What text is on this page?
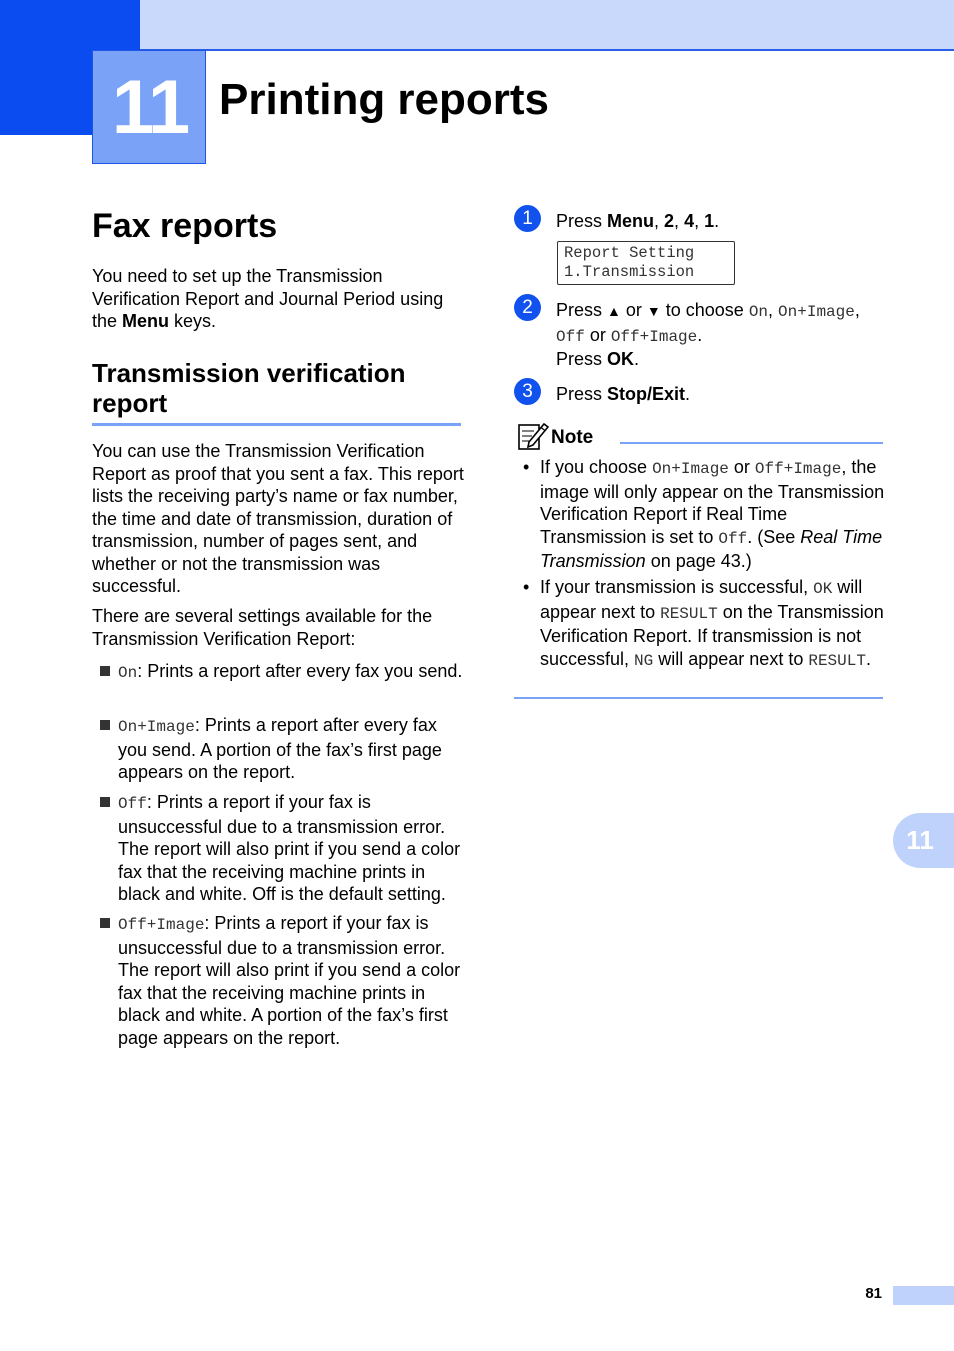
11 Printing reports
11
Fax reports
You need to set up the Transmission Verification Report and Journal Period using the Menu keys.
Transmission verification report
You can use the Transmission Verification Report as proof that you sent a fax. This report lists the receiving party’s name or fax number, the time and date of transmission, duration of transmission, number of pages sent, and whether or not the transmission was successful.
There are several settings available for the Transmission Verification Report:
On: Prints a report after every fax you send.
On+Image: Prints a report after every fax you send. A portion of the fax’s first page appears on the report.
Off: Prints a report if your fax is unsuccessful due to a transmission error. The report will also print if you send a color fax that the receiving machine prints in black and white. Off is the default setting.
Off+Image: Prints a report if your fax is unsuccessful due to a transmission error. The report will also print if you send a color fax that the receiving machine prints in black and white. A portion of the fax’s first page appears on the report.
1	Press Menu, 2, 4, 1.
Report Setting
1.Transmission
2	Press ▲ or ▼ to choose On, On+Image,
Off or Off+Image.
Press OK.
3	Press Stop/Exit.
Note
• If you choose On+Image or Off+Image, the image will only appear on the Transmission Verification Report if Real Time Transmission is set to Off. (See Real Time Transmission on page 43.)
• If your transmission is successful, OK will appear next to RESULT on the Transmission Verification Report. If transmission is not successful, NG will appear next to RESULT.
81
